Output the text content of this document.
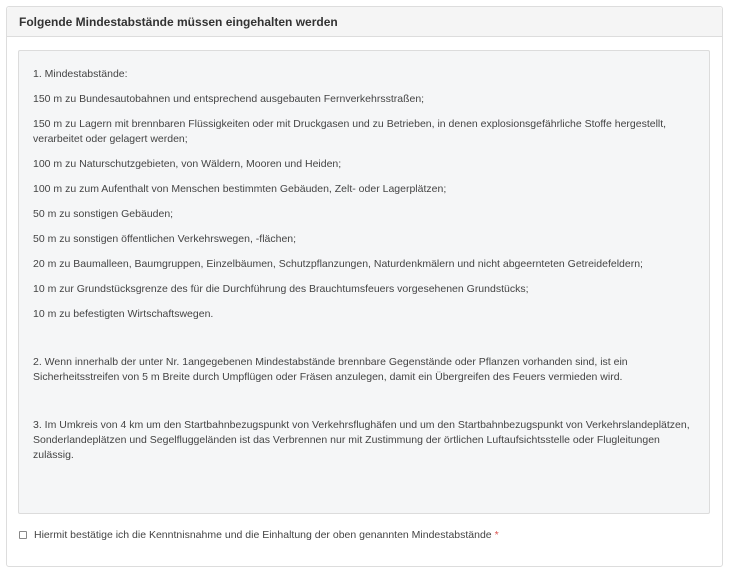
Folgende Mindestabstände müssen eingehalten werden

1. Mindestabstände:

150 m zu Bundesautobahnen und entsprechend ausgebauten Fernverkehrsstraßen;

150 m zu Lagern mit brennbaren Flüssigkeiten oder mit Druckgasen und zu Betrieben, in denen explosionsgefährliche Stoffe hergestellt, verarbeitet oder gelagert werden;

100 m zu Naturschutzgebieten, von Wäldern, Mooren und Heiden;

100 m zu zum Aufenthalt von Menschen bestimmten Gebäuden, Zelt- oder Lagerplätzen;

50 m zu sonstigen Gebäuden;

50 m zu sonstigen öffentlichen Verkehrswegen, -flächen;

20 m zu Baumalleen, Baumgruppen, Einzelbäumen, Schutzpflanzungen, Naturdenkmälern und nicht abgeernteten Getreidefeldern;

10 m zur Grundstücksgrenze des für die Durchführung des Brauchtumsfeuers vorgesehenen Grundstücks;

10 m zu befestigten Wirtschaftswegen.

2. Wenn innerhalb der unter Nr. 1angegebenen Mindestabstände brennbare Gegenstände oder Pflanzen vorhanden sind, ist ein Sicherheitsstreifen von 5 m Breite durch Umpflügen oder Fräsen anzulegen, damit ein Übergreifen des Feuers vermieden wird.

3. Im Umkreis von 4 km um den Startbahnbezugspunkt von Verkehrsflughäfen und um den Startbahnbezugspunkt von Verkehrslandeplätzen, Sonderlandeplätzen und Segelfluggeländen ist das Verbrennen nur mit Zustimmung der örtlichen Luftaufsichtsstelle oder Flugleitungen zulässig.

Hiermit bestätige ich die Kenntnisnahme und die Einhaltung der oben genannten Mindestabstände *
